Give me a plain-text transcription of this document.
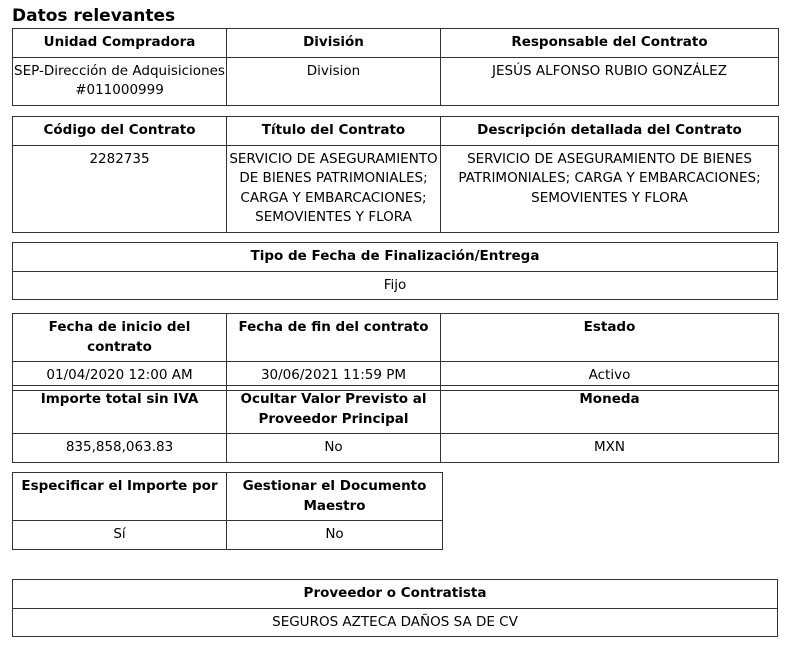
Datos relevantes
Unidad Compradora	División	Responsable del Contrato
SEP-Dirección de Adquisiciones #011000999	Division	JESÚS ALFONSO RUBIO GONZÁLEZ
Código del Contrato	Título del Contrato	Descripción detallada del Contrato
2282735	SERVICIO DE ASEGURAMIENTO DE BIENES PATRIMONIALES; CARGA Y EMBARCACIONES; SEMOVIENTES Y FLORA	SERVICIO DE ASEGURAMIENTO DE BIENES PATRIMONIALES; CARGA Y EMBARCACIONES; SEMOVIENTES Y FLORA
Tipo de Fecha de Finalización/Entrega
Fijo
Fecha de inicio del contrato	Fecha de fin del contrato	Estado
01/04/2020 12:00 AM	30/06/2021 11:59 PM	Activo
Importe total sin IVA	Ocultar Valor Previsto al Proveedor Principal	Moneda
835,858,063.83	No	MXN
Especificar el Importe por	Gestionar el Documento Maestro
Sí	No
Proveedor o Contratista
SEGUROS AZTECA DAÑOS SA DE CV
